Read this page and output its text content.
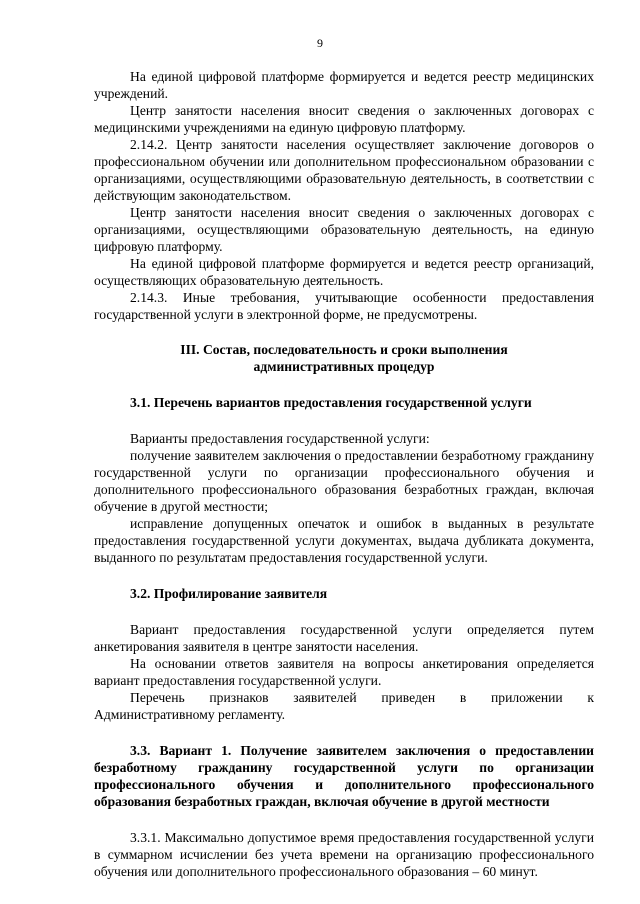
9

На единой цифровой платформе формируется и ведется реестр медицинских учреждений.

Центр занятости населения вносит сведения о заключенных договорах с медицинскими учреждениями на единую цифровую платформу.

2.14.2. Центр занятости населения осуществляет заключение договоров о профессиональном обучении или дополнительном профессиональном образовании с организациями, осуществляющими образовательную деятельность, в соответствии с действующим законодательством.

Центр занятости населения вносит сведения о заключенных договорах с организациями, осуществляющими образовательную деятельность, на единую цифровую платформу.

На единой цифровой платформе формируется и ведется реестр организаций, осуществляющих образовательную деятельность.

2.14.3. Иные требования, учитывающие особенности предоставления государственной услуги в электронной форме, не предусмотрены.

III. Состав, последовательность и сроки выполнения

административных процедур

3.1. Перечень вариантов предоставления государственной услуги

Варианты предоставления государственной услуги:

получение заявителем заключения о предоставлении безработному гражданину государственной услуги по организации профессионального обучения и дополнительного профессионального образования безработных граждан, включая обучение в другой местности;

исправление допущенных опечаток и ошибок в выданных в результате предоставления государственной услуги документах, выдача дубликата документа, выданного по результатам предоставления государственной услуги.

3.2. Профилирование заявителя

Вариант предоставления государственной услуги определяется путем анкетирования заявителя в центре занятости населения.

На основании ответов заявителя на вопросы анкетирования определяется вариант предоставления государственной услуги.

Перечень признаков заявителей приведен в приложении к

Административному регламенту.

3.3. Вариант 1. Получение заявителем заключения о предоставлении безработному гражданину государственной услуги по организации профессионального обучения и дополнительного профессионального образования безработных граждан, включая обучение в другой местности

3.3.1. Максимально допустимое время предоставления государственной услуги в суммарном исчислении без учета времени на организацию профессионального обучения или дополнительного профессионального образования – 60 минут.
